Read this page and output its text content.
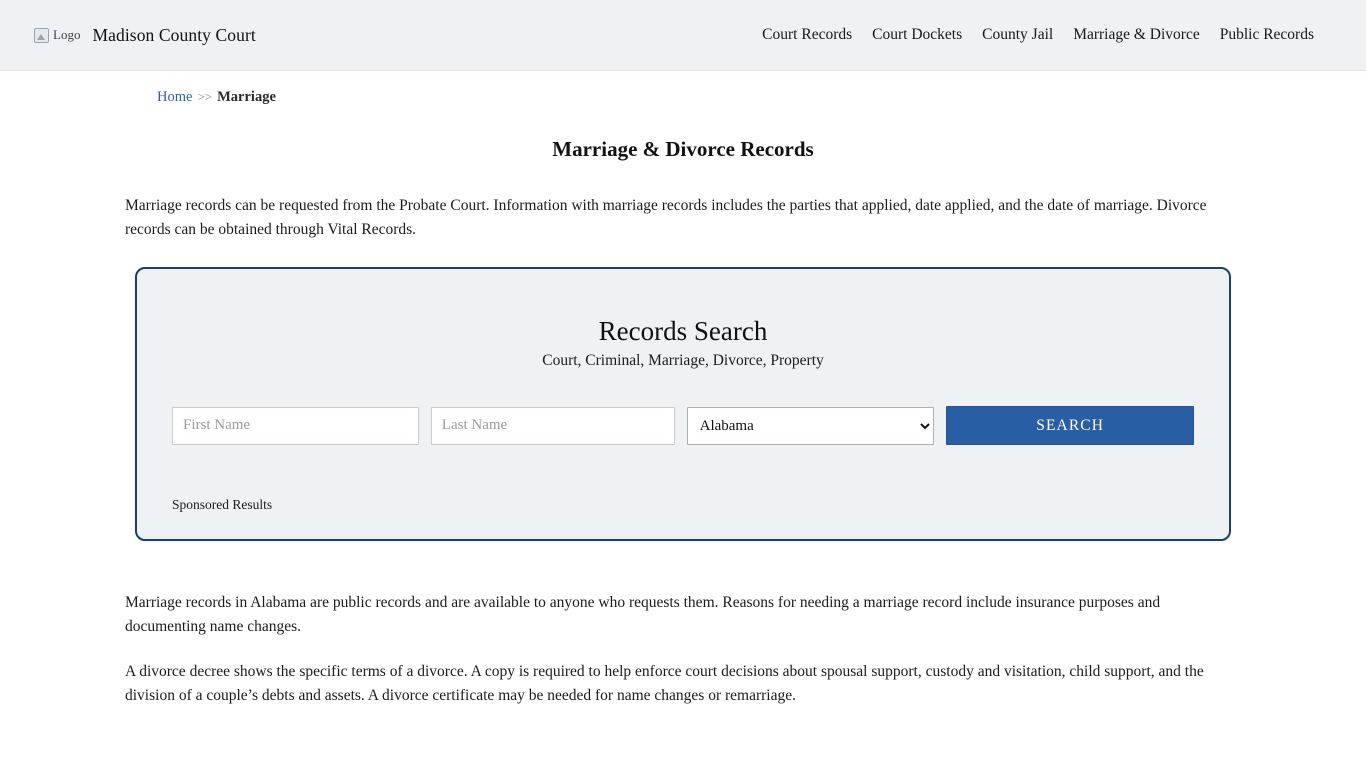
Logo Madison County Court	Court Records Court Dockets County Jail Marriage & Divorce Public Records
Home >> Marriage
Marriage & Divorce Records

Marriage records can be requested from the Probate Court. Information with marriage records includes the parties that applied, date applied, and the date of marriage. Divorce records can be obtained through Vital Records.

Records Search
Court, Criminal, Marriage, Divorce, Property
First Name
Last Name
Alabama
SEARCH
Sponsored Results

Marriage records in Alabama are public records and are available to anyone who requests them. Reasons for needing a marriage record include insurance purposes and documenting name changes.

A divorce decree shows the specific terms of a divorce. A copy is required to help enforce court decisions about spousal support, custody and visitation, child support, and the division of a couple’s debts and assets. A divorce certificate may be needed for name changes or remarriage.
